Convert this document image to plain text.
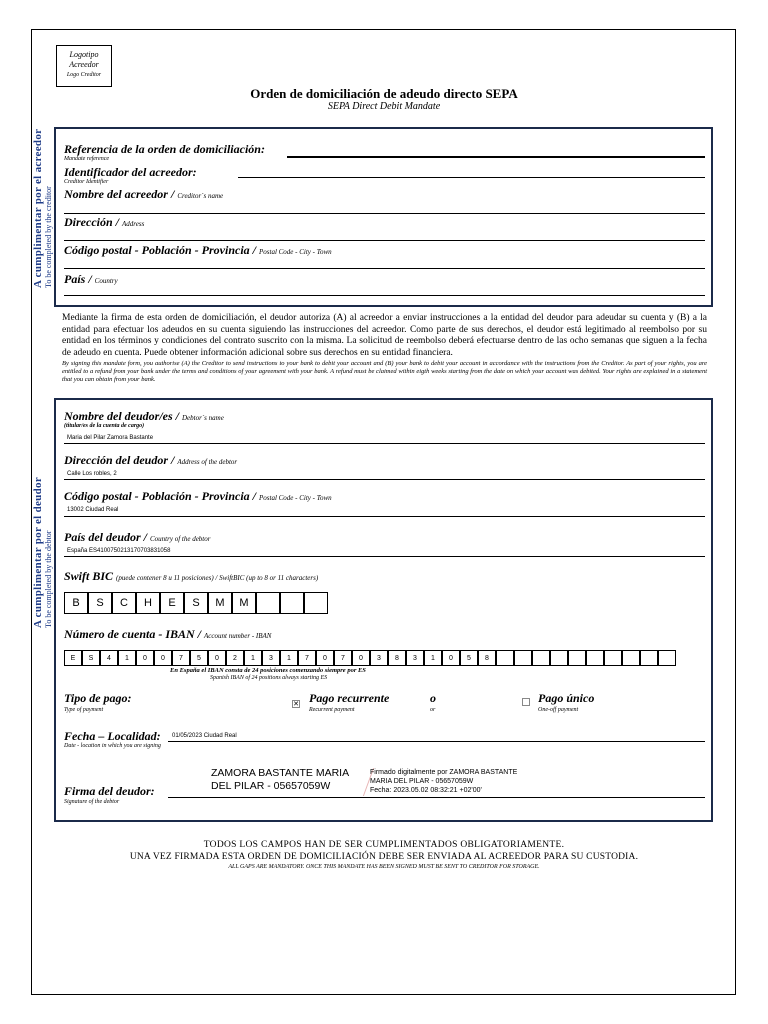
Logotipo
Acreedor
Logo Creditor
Orden de domiciliación de adeudo directo SEPA
SEPA Direct Debit Mandate
A cumplimentar por el acreedor To be completed by the creditor
Referencia de la orden de domiciliación:
Mandate reference
Identificador del acreedor:
Creditor Identifier
Nombre del acreedor / Creditor´s name
Dirección / Address
Código postal - Población - Provincia / Postal Code - City - Town
País / Country
Mediante la firma de esta orden de domiciliación, el deudor autoriza (A) al acreedor a enviar instrucciones a la entidad del deudor para adeudar su cuenta y (B) a la entidad para efectuar los adeudos en su cuenta siguiendo las instrucciones del acreedor. Como parte de sus derechos, el deudor está legitimado al reembolso por su entidad en los términos y condiciones del contrato suscrito con la misma. La solicitud de reembolso deberá efectuarse dentro de las ocho semanas que siguen a la fecha de adeudo en cuenta. Puede obtener información adicional sobre sus derechos en su entidad financiera.
By signing this mandate form, you authorise (A) the Creditor to send instructions to your bank to debit your account and (B) your bank to debit your account in accordance with the instructions from the Creditor. As part of your rights, you are entitled to a refund from your bank under the terms and conditions of your agreement with your bank. A refund must be claimed within eigth weeks starting from the date on which your account was debited. Your rights are explained in a statement that you can obtain from your bank.
A cumplimentar por el deudor To be completed by the debtor
Nombre del deudor/es / Debtor´s name
(titular/es de la cuenta de cargo)
Maria del Pilar Zamora Bastante
Dirección del deudor / Address of the debtor
Calle Los robles, 2
Código postal - Población - Provincia / Postal Code - City - Town
13002 Ciudad Real
País del deudor / Country of the debtor
España ES4100750213170703831058
Swift BIC (puede contener 8 u 11 posiciones) / SwiftBIC (up to 8 or 11 characters)
B	S	C	H	E	S	M	M
Número de cuenta - IBAN / Account number - IBAN
E	S	4	1	0	0	7	5	0	2	1	3	1	7	0	7	0	3	8	3	1	0	5	8
En España el IBAN consta de 24 posiciones comenzando siempre por ES
Spanish IBAN of 24 positions always starting ES
Tipo de pago:
Type of payment
✕ Pago recurrente
Recurrent payment
o
or
Pago único
One-off payment
Fecha – Localidad: 01/05/2023 Ciudad Real
Date - location in which you are signing
Firma del deudor:
Signature of the debtor
ZAMORA BASTANTE MARIA
DEL PILAR - 05657059W
Firmado digitalmente por ZAMORA BASTANTE
MARIA DEL PILAR - 05657059W
Fecha: 2023.05.02 08:32:21 +02'00'
TODOS LOS CAMPOS HAN DE SER CUMPLIMENTADOS OBLIGATORIAMENTE.
UNA VEZ FIRMADA ESTA ORDEN DE DOMICILIACIÓN DEBE SER ENVIADA AL ACREEDOR PARA SU CUSTODIA.
ALL GAPS ARE MANDATORY. ONCE THIS MANDATE HAS BEEN SIGNED MUST BE SENT TO CREDITOR FOR STORAGE.
